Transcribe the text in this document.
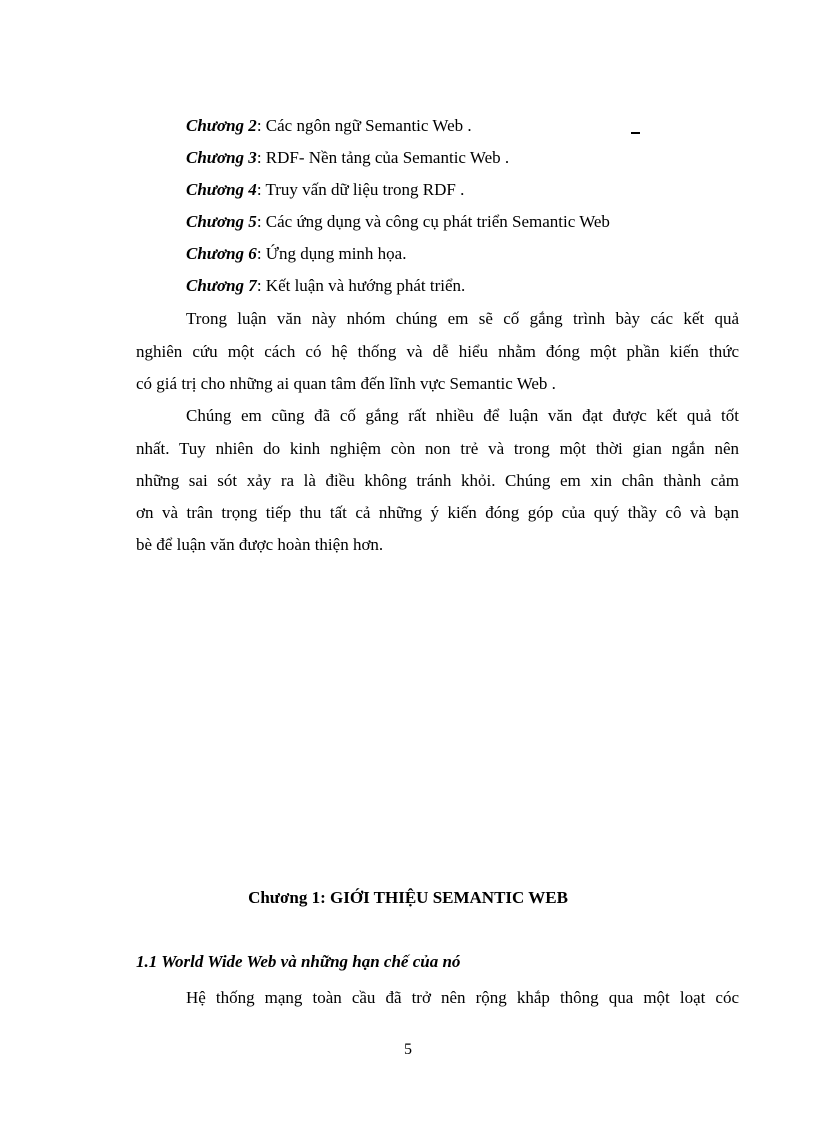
Chương 2: Các ngôn ngữ Semantic Web .
Chương 3: RDF- Nền tảng của Semantic Web .
Chương 4: Truy vấn dữ liệu trong RDF .
Chương 5: Các ứng dụng và công cụ phát triển Semantic Web
Chương 6: Ứng dụng minh họa.
Chương 7: Kết luận và hướng phát triển.
Trong luận văn này nhóm chúng em sẽ cố gắng trình bày các kết quả
nghiên cứu một cách có hệ thống và dễ hiểu nhằm đóng một phần kiến thức
có giá trị cho những ai quan tâm đến lĩnh vực Semantic Web .
Chúng em cũng đã cố gắng rất nhiều để luận văn đạt được kết quả tốt
nhất. Tuy nhiên do kinh nghiệm còn non trẻ và trong một thời gian ngắn nên
những sai sót xảy ra là điều không tránh khỏi. Chúng em xin chân thành cảm
ơn và trân trọng tiếp thu tất cả những ý kiến đóng góp của quý thầy cô và bạn
bè để luận văn được hoàn thiện hơn.
Chương 1: GIỚI THIỆU SEMANTIC WEB
1.1 World Wide Web và những hạn chế của nó
Hệ thống mạng toàn cầu đã trở nên rộng khắp thông qua một loạt cóc
5
